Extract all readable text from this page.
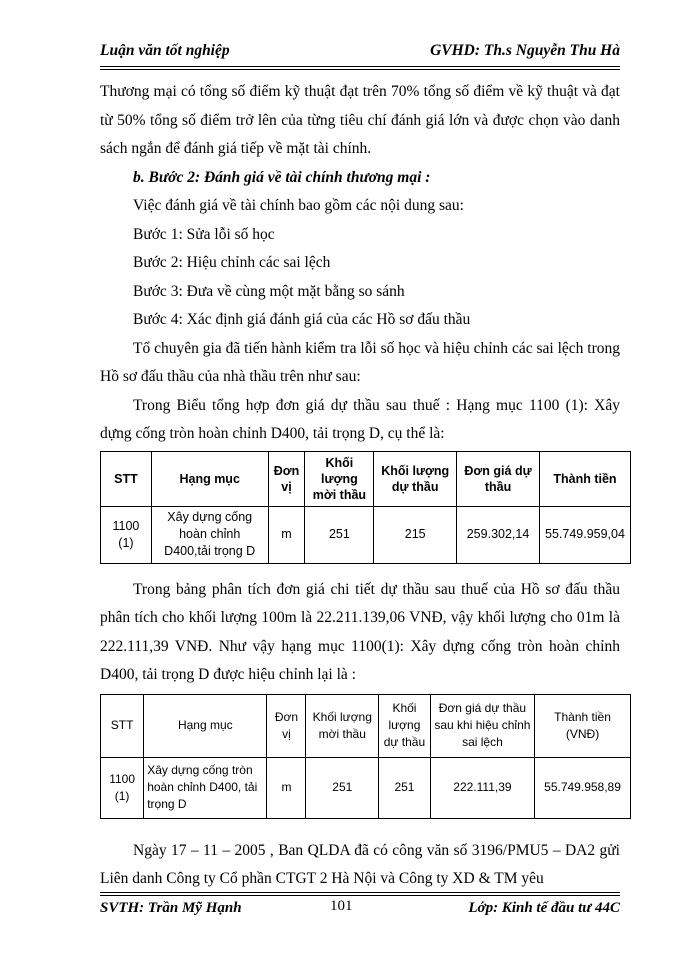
Luận văn tốt nghiệp	GVHD: Th.s Nguyễn Thu Hà

Thương mại có tổng số điểm kỹ thuật đạt trên 70% tổng số điểm về kỹ thuật và đạt từ 50% tổng số điểm trở lên của từng tiêu chí đánh giá lớn và được chọn vào danh sách ngắn để đánh giá tiếp về mặt tài chính.

b. Bước 2: Đánh giá về tài chính thương mại :

Việc đánh giá về tài chính bao gồm các nội dung sau:

Bước 1: Sửa lỗi số học

Bước 2: Hiệu chỉnh các sai lệch

Bước 3: Đưa về cùng một mặt bằng so sánh

Bước 4: Xác định giá đánh giá của các Hồ sơ đấu thầu

Tổ chuyên gia đã tiến hành kiểm tra lỗi số học và hiệu chỉnh các sai lệch trong Hồ sơ đấu thầu của nhà thầu trên như sau:

Trong Biểu tổng hợp đơn giá dự thầu sau thuế : Hạng mục 1100 (1): Xây dựng cống tròn hoàn chỉnh D400, tải trọng D, cụ thể là:

STT	Hạng mục	Đơn vị	Khối lượng mời thầu	Khối lượng dự thầu	Đơn giá dự thầu	Thành tiền
1100 (1)	Xây dựng cống hoàn chỉnh D400,tải trọng D	m	251	215	259.302,14	55.749.959,04

Trong bảng phân tích đơn giá chi tiết dự thầu sau thuế của Hồ sơ đấu thầu phân tích cho khối lượng 100m là 22.211.139,06 VNĐ, vậy khối lượng cho 01m là 222.111,39 VNĐ. Như vậy hạng mục 1100(1): Xây dựng cống tròn hoàn chỉnh D400, tải trọng D được hiệu chỉnh lại là :

STT	Hạng mục	Đơn vị	Khối lượng mời thầu	Khối lượng dự thầu	Đơn giá dự thầu sau khi hiệu chỉnh sai lệch	Thành tiền (VNĐ)
1100 (1)	Xây dựng cống tròn hoàn chỉnh D400, tải trọng D	m	251	251	222.111,39	55.749.958,89

Ngày 17 – 11 – 2005 , Ban QLDA đã có công văn số 3196/PMU5 – DA2 gửi Liên danh Công ty Cổ phần CTGT 2 Hà Nội và Công ty XD & TM yêu

SVTH: Trần Mỹ Hạnh	101	Lớp: Kinh tế đầu tư 44C
